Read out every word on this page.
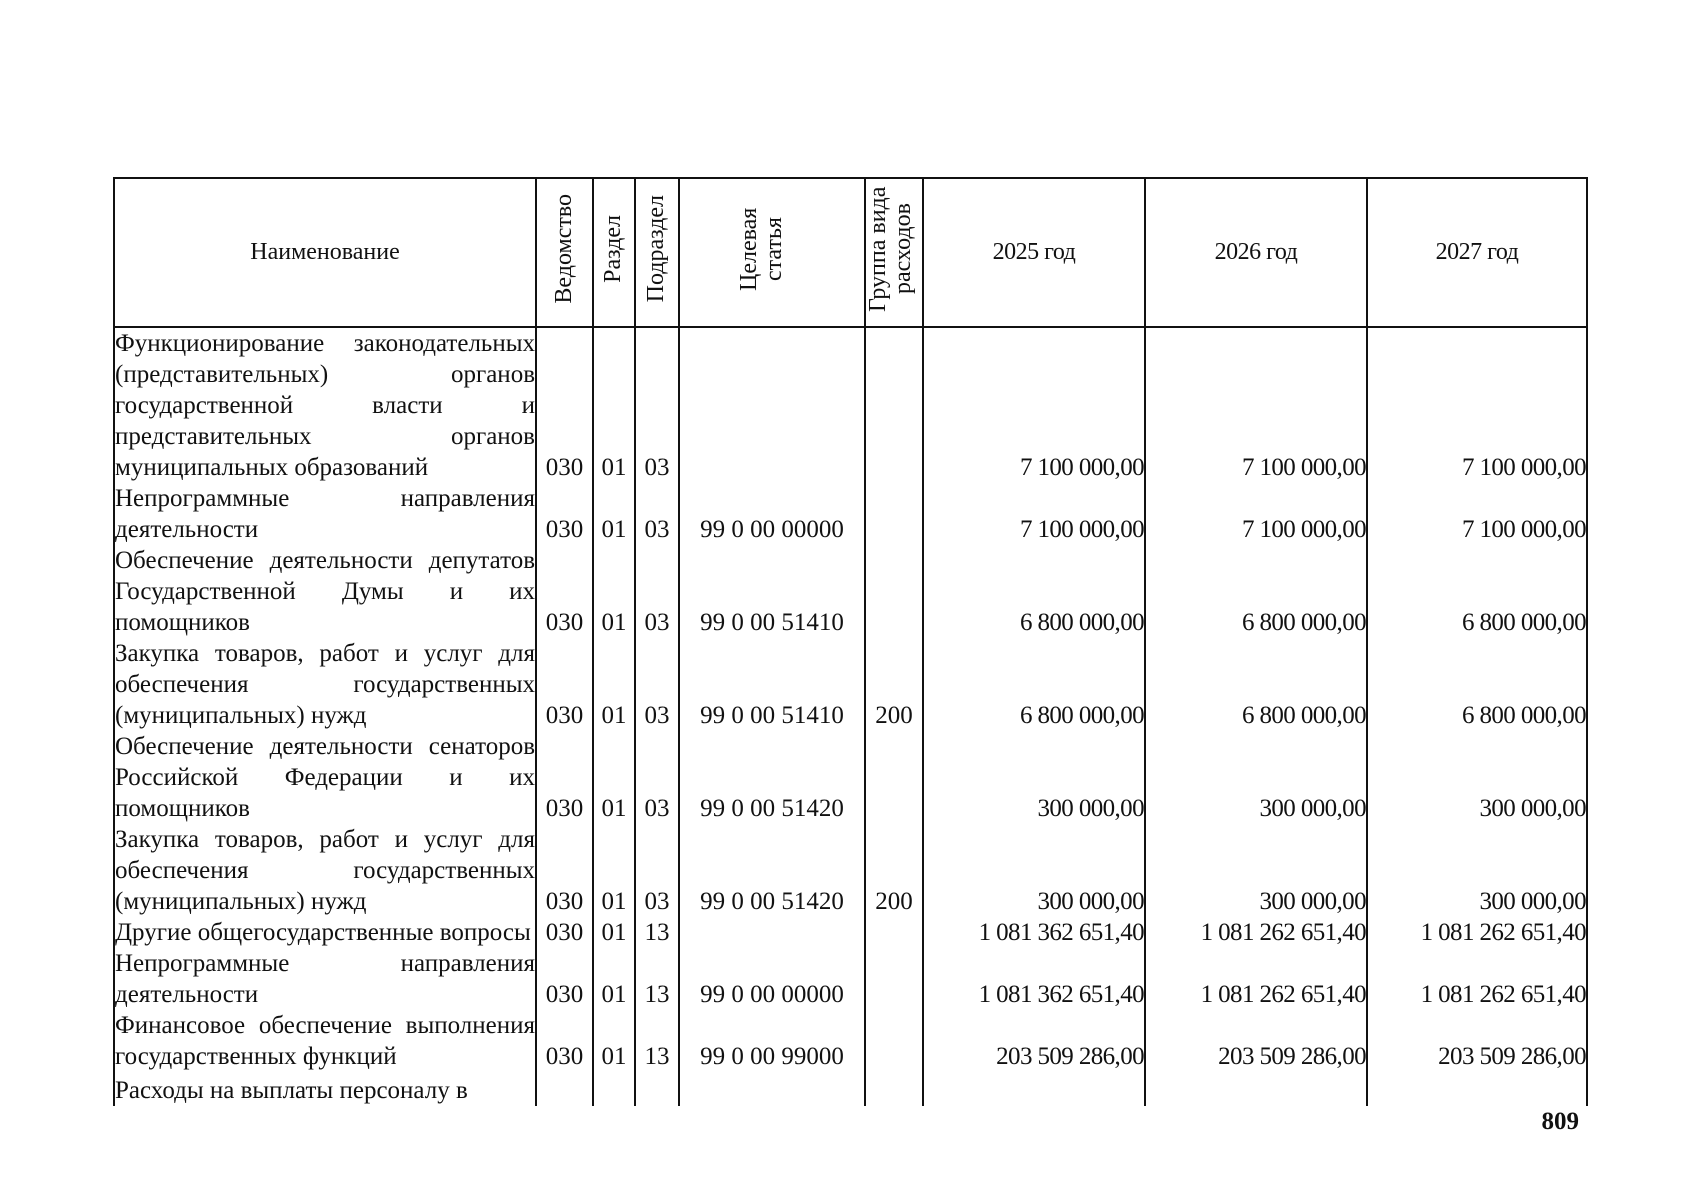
Наименование	Ведомство	Раздел	Подраздел	Целевая статья	Группа вида расходов	2025 год	2026 год	2027 год
Функционирование законодательных (представительных) органов государственной власти и представительных органов муниципальных образований	030	01	03			7 100 000,00	7 100 000,00	7 100 000,00
Непрограммные направления деятельности	030	01	03	99 0 00 00000		7 100 000,00	7 100 000,00	7 100 000,00
Обеспечение деятельности депутатов Государственной Думы и их помощников	030	01	03	99 0 00 51410		6 800 000,00	6 800 000,00	6 800 000,00
Закупка товаров, работ и услуг для обеспечения государственных (муниципальных) нужд	030	01	03	99 0 00 51410	200	6 800 000,00	6 800 000,00	6 800 000,00
Обеспечение деятельности сенаторов Российской Федерации и их помощников	030	01	03	99 0 00 51420		300 000,00	300 000,00	300 000,00
Закупка товаров, работ и услуг для обеспечения государственных (муниципальных) нужд	030	01	03	99 0 00 51420	200	300 000,00	300 000,00	300 000,00
Другие общегосударственные вопросы	030	01	13			1 081 362 651,40	1 081 262 651,40	1 081 262 651,40
Непрограммные направления деятельности	030	01	13	99 0 00 00000		1 081 362 651,40	1 081 262 651,40	1 081 262 651,40
Финансовое обеспечение выполнения государственных функций	030	01	13	99 0 00 99000		203 509 286,00	203 509 286,00	203 509 286,00
Расходы на выплаты персоналу в								
809
